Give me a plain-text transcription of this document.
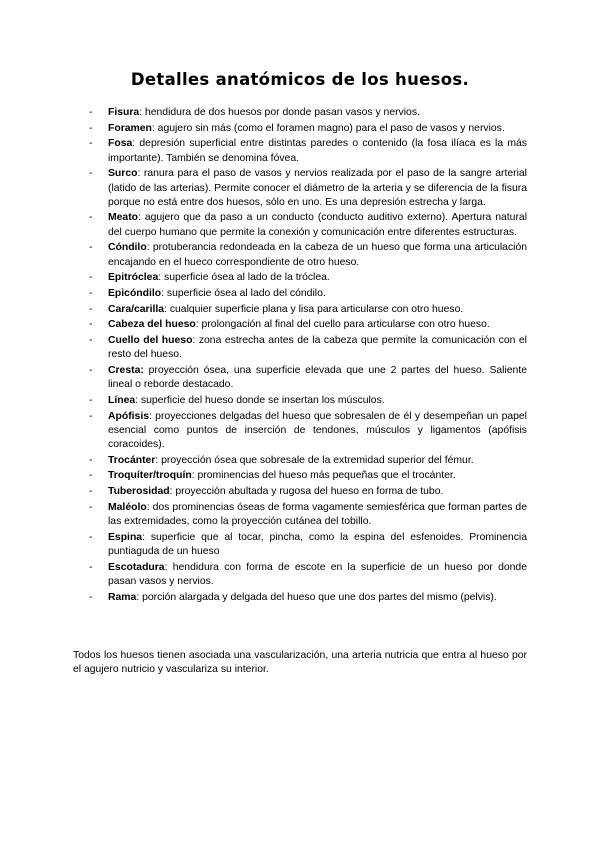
Detalles anatómicos de los huesos.
- Fisura: hendidura de dos huesos por donde pasan vasos y nervios.
- Foramen: agujero sin más (como el foramen magno) para el paso de vasos y nervios.
- Fosa: depresión superficial entre distintas paredes o contenido (la fosa ilíaca es la más importante). También se denomina fóvea.
- Surco: ranura para el paso de vasos y nervios realizada por el paso de la sangre arterial (latido de las arterias). Permite conocer el diámetro de la arteria y se diferencia de la fisura porque no está entre dos huesos, sólo en uno. Es una depresión estrecha y larga.
- Meato: agujero que da paso a un conducto (conducto auditivo externo). Apertura natural del cuerpo humano que permite la conexión y comunicación entre diferentes estructuras.
- Cóndilo: protuberancia redondeada en la cabeza de un hueso que forma una articulación encajando en el hueco correspondiente de otro hueso.
- Epitróclea: superficie ósea al lado de la tróclea.
- Epicóndilo: superficie ósea al lado del cóndilo.
- Cara/carilla: cualquier superficie plana y lisa para articularse con otro hueso.
- Cabeza del hueso: prolongación al final del cuello para articularse con otro hueso.
- Cuello del hueso: zona estrecha antes de la cabeza que permite la comunicación con el resto del hueso.
- Cresta: proyección ósea, una superficie elevada que une 2 partes del hueso. Saliente lineal o reborde destacado.
- Línea: superficie del hueso donde se insertan los músculos.
- Apófisis: proyecciones delgadas del hueso que sobresalen de él y desempeñan un papel esencial como puntos de inserción de tendones, músculos y ligamentos (apófisis coracoides).
- Trocánter: proyección ósea que sobresale de la extremidad superior del fémur.
- Troquíter/troquín: prominencias del hueso más pequeñas que el trocánter.
- Tuberosidad: proyección abultada y rugosa del hueso en forma de tubo.
- Maléolo: dos prominencias óseas de forma vagamente semiesférica que forman partes de las extremidades, como la proyección cutánea del tobillo.
- Espina: superficie que al tocar, pincha, como la espina del esfenoides. Prominencia puntiaguda de un hueso
- Escotadura: hendidura con forma de escote en la superficie de un hueso por donde pasan vasos y nervios.
- Rama: porción alargada y delgada del hueso que une dos partes del mismo (pelvis).

Todos los huesos tienen asociada una vascularización, una arteria nutricia que entra al hueso por el agujero nutricio y vasculariza su interior.
